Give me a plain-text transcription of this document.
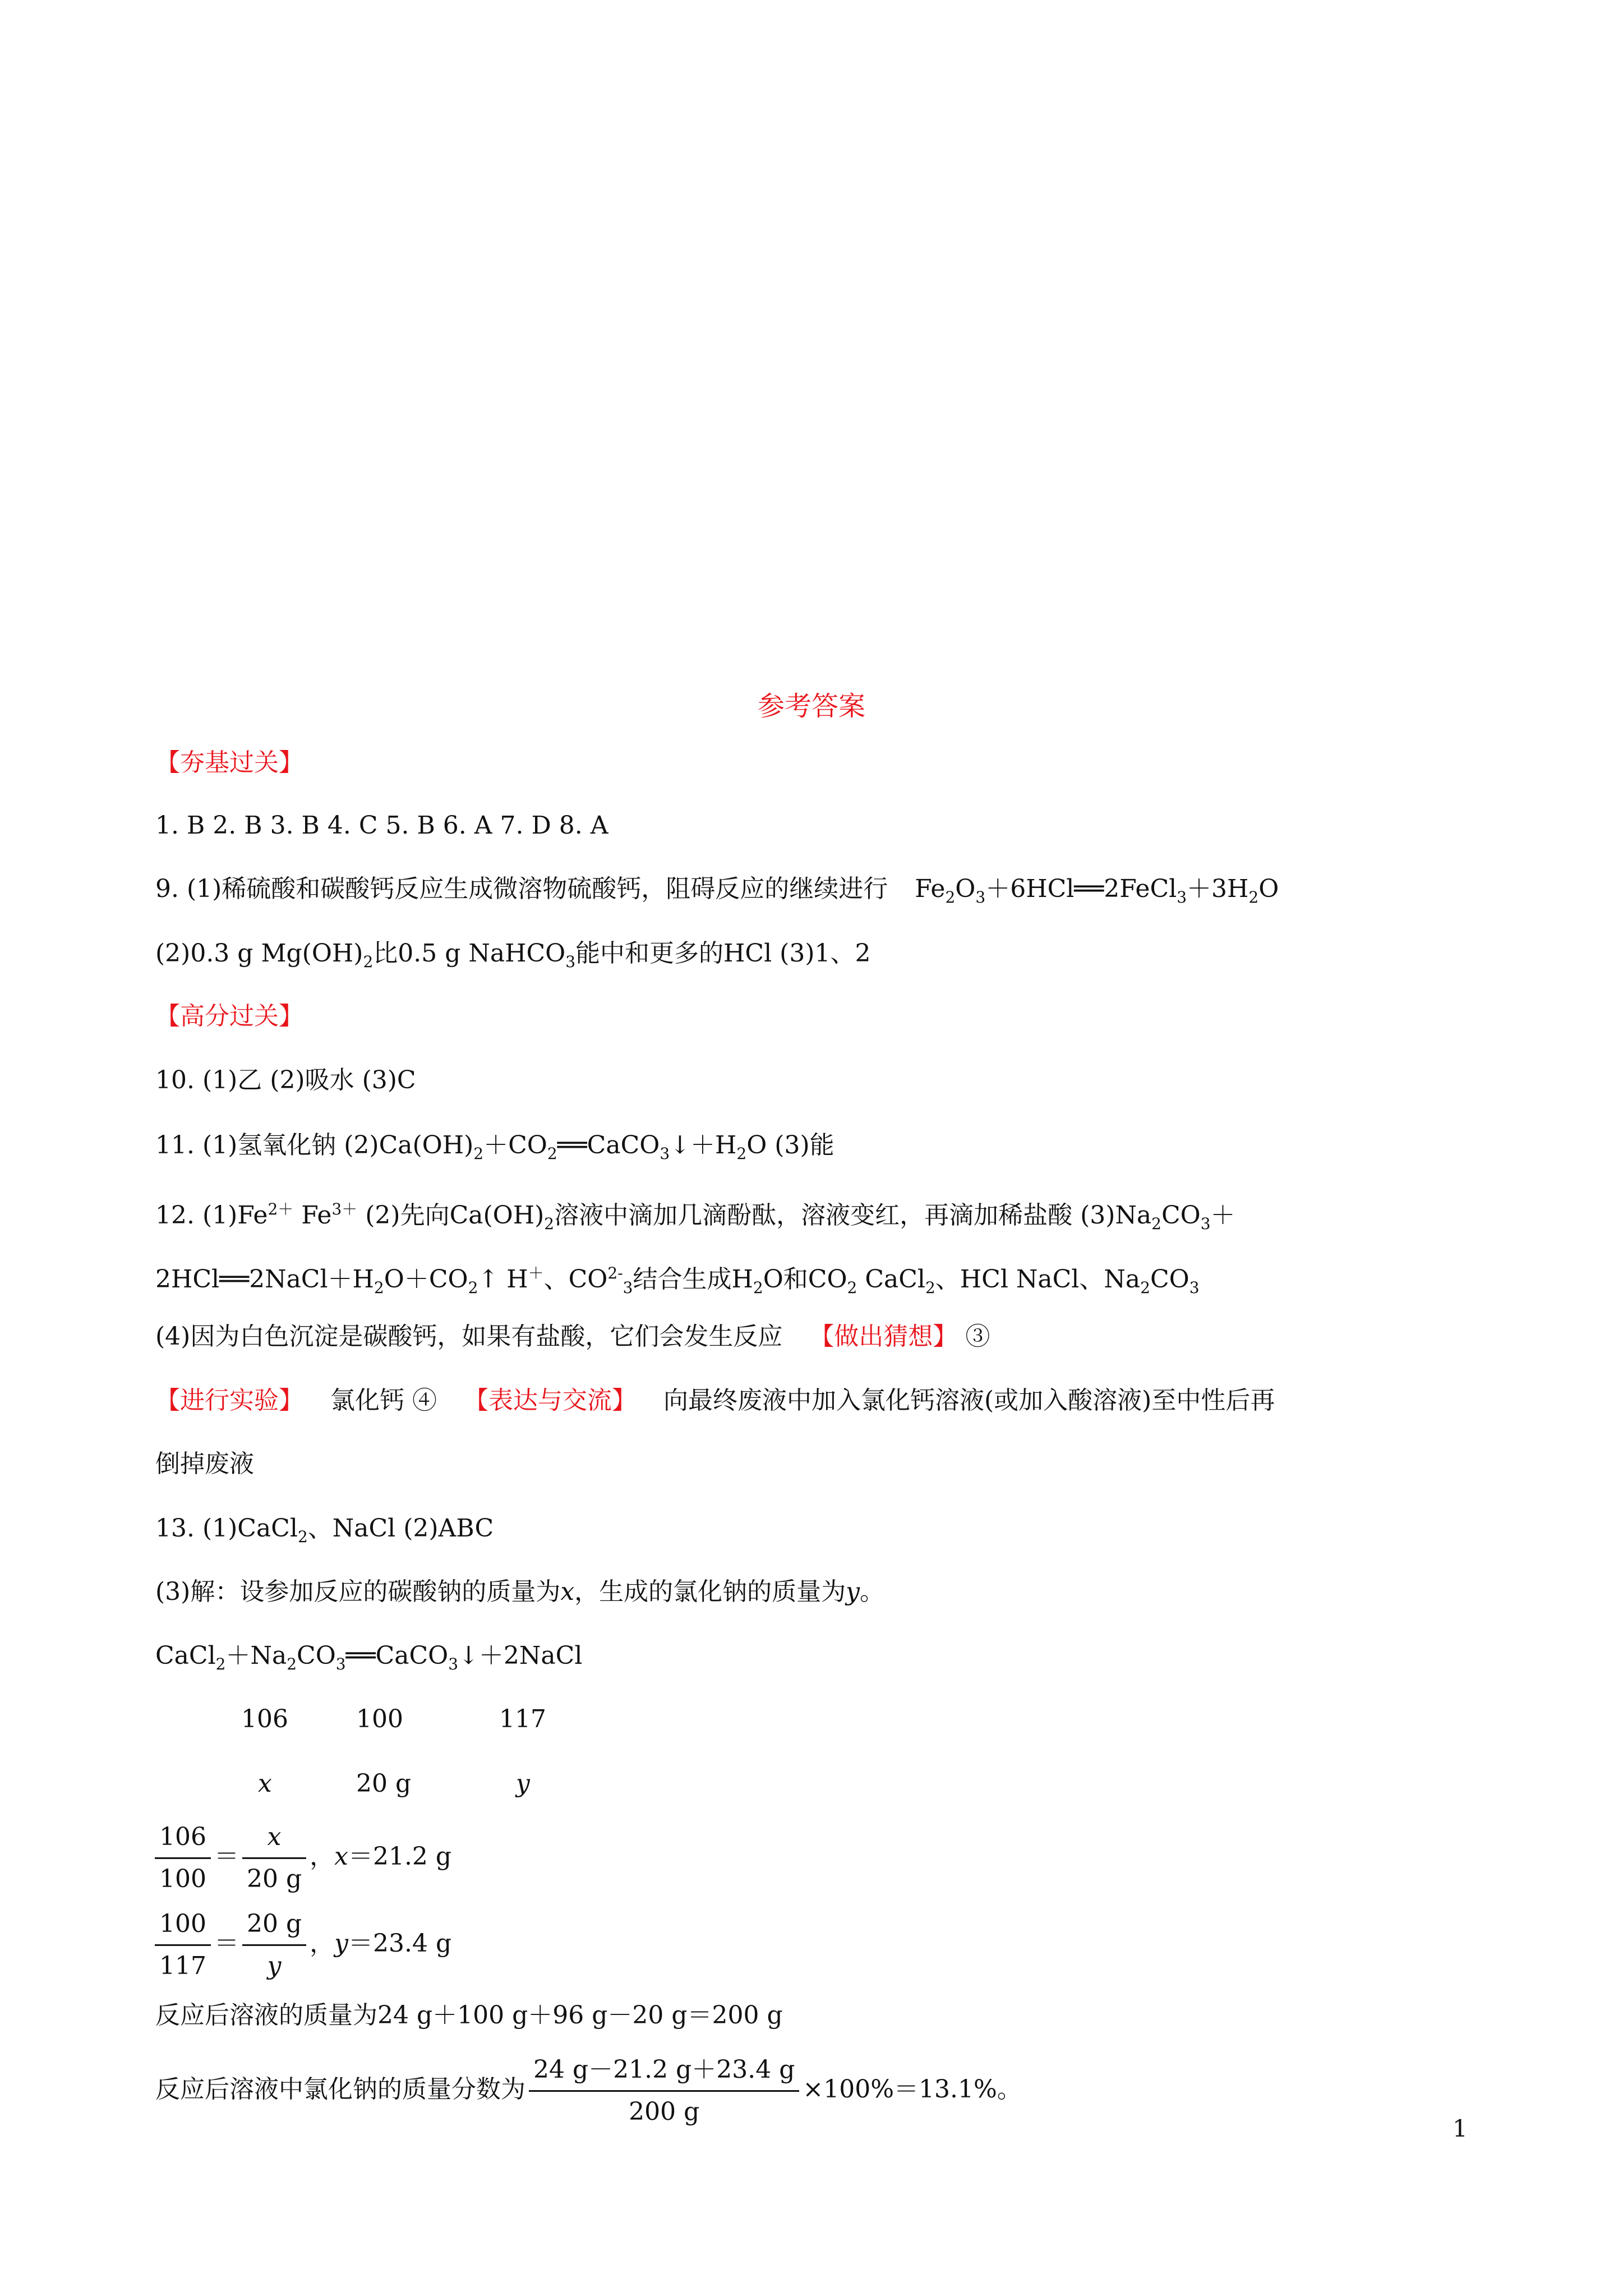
参考答案
【夯基过关】
1. B 2. B 3. B 4. C 5. B 6. A 7. D 8. A
9. (1)稀硫酸和碳酸钙反应生成微溶物硫酸钙，阻碍反应的继续进行 $Fe_2O_3+6HCl══2FeCl_3+3H_2O$
(2)0.3 g $Mg(OH)_2$比0.5 g NaHCO$_3$能中和更多的HCl (3)1、2
【高分过关】
10. (1)乙 (2)吸水 (3)C
11. (1)氢氧化钠 $(2)Ca(OH)_2+CO_2══CaCO_3↓+H_2O$ (3)能
12. $(1)Fe^{2+}$ $Fe^{3+}$ (2)先向$Ca(OH)_2$溶液中滴加几滴酚酞，溶液变红，再滴加稀盐酸 $(3)Na_2CO_3+$
$2HCl══2NaCl+H_2O+CO_2↑$ H＋、$CO^{2-}_3$结合生成$H_2O$和$CO_2$ CaCl$_2$、HCl NaCl、$Na_2CO_3$
(4)因为白色沉淀是碳酸钙，如果有盐酸，它们会发生反应 【做出猜想】 ③
【进行实验】 氯化钙 ④ 【表达与交流】 向最终废液中加入氯化钙溶液(或加入酸溶液)至中性后再
倒掉废液
13. (1)CaCl$_2$、NaCl (2)ABC
(3)解：设参加反应的碳酸钠的质量为x，生成的氯化钠的质量为y。
$CaCl_2+Na_2CO_3══CaCO_3↓+2NaCl$
106	100	117
x	20 g	y
$\frac{106}{100} = \frac{x}{20 g}$ ，x＝21.2 g
$\frac{100}{117} = \frac{20 g}{y}$ ，y＝23.4 g
反应后溶液的质量为24 g＋100 g＋96 g－20 g＝200 g
反应后溶液中氯化钠的质量分数为 $\frac{24 g-21.2 g+23.4 g}{200 g} \times 100\%=13.1\%$。
1
